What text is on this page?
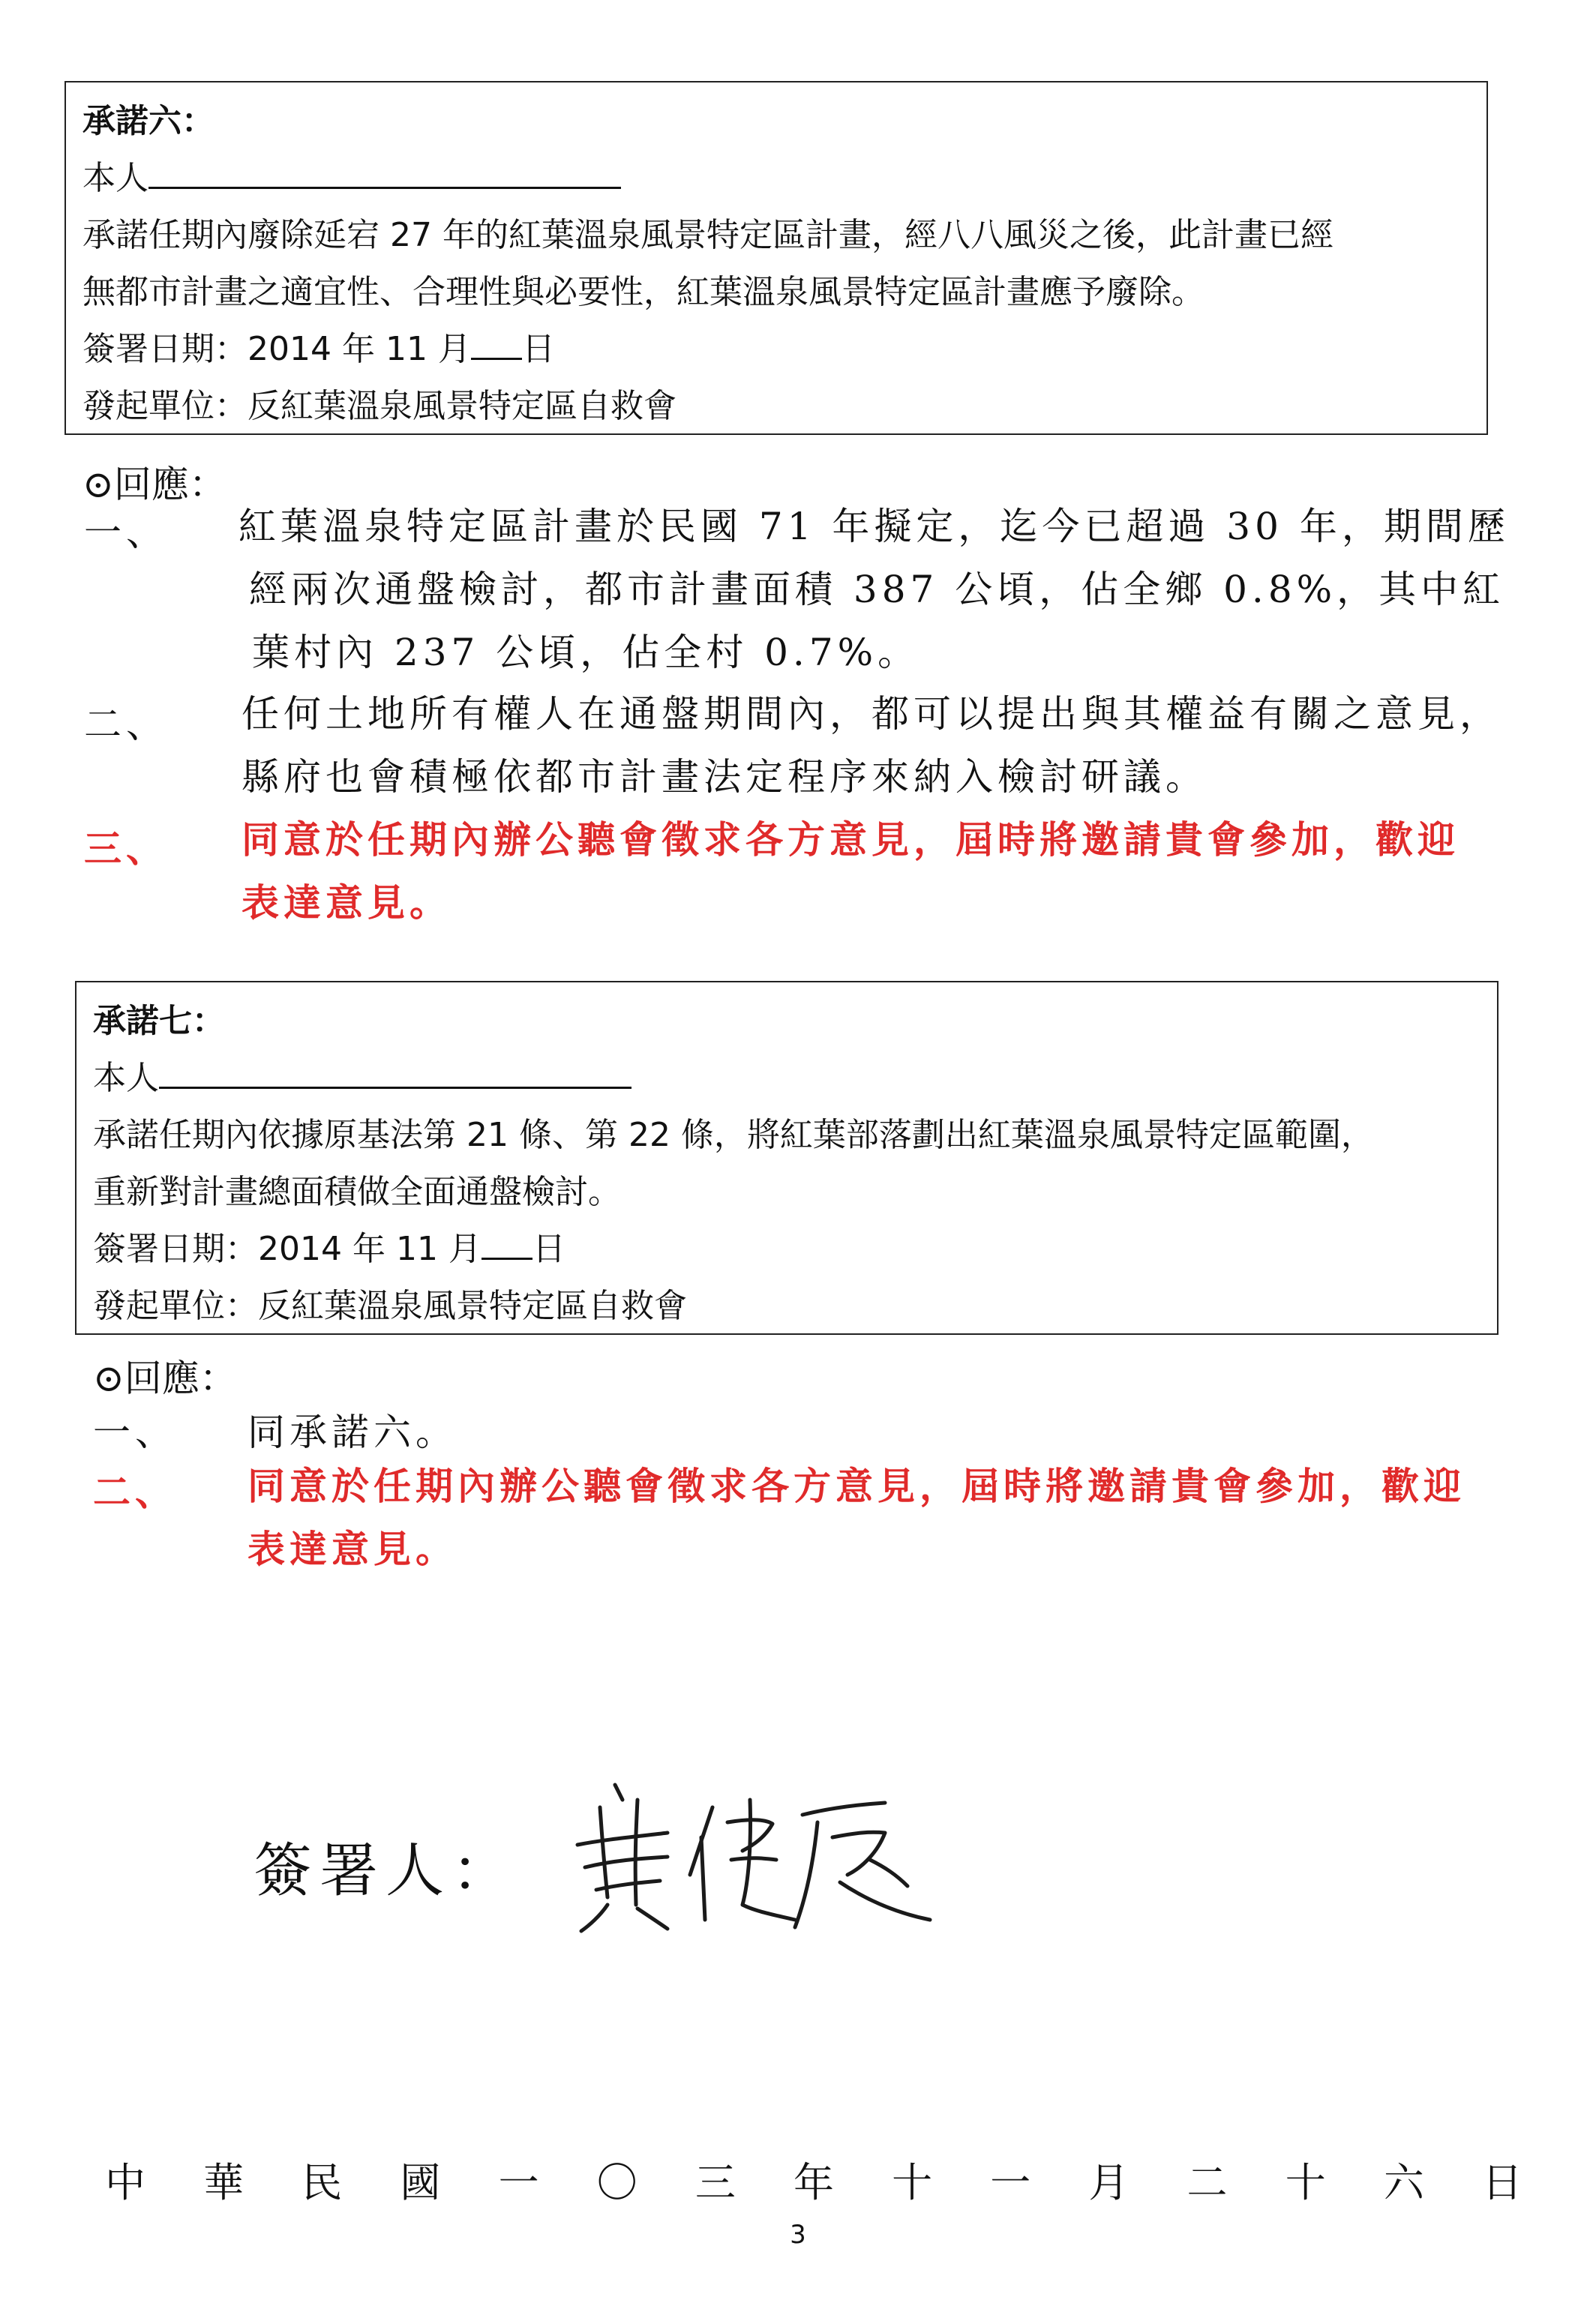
承諾六：
本人
承諾任期內廢除延宕 27 年的紅葉溫泉風景特定區計畫，經八八風災之後，此計畫已經
無都市計畫之適宜性、合理性與必要性，紅葉溫泉風景特定區計畫應予廢除。
簽署日期：2014 年 11 月 日
發起單位：反紅葉溫泉風景特定區自救會
⊙回應：
一、 紅葉溫泉特定區計畫於民國 71 年擬定，迄今已超過 30 年，期間歷
經兩次通盤檢討，都市計畫面積 387 公頃，佔全鄉 0.8%，其中紅
葉村內 237 公頃，佔全村 0.7%。
二、 任何土地所有權人在通盤期間內，都可以提出與其權益有關之意見，
縣府也會積極依都市計畫法定程序來納入檢討研議。
三、 同意於任期內辦公聽會徵求各方意見，屆時將邀請貴會參加，歡迎
表達意見。
承諾七：
本人
承諾任期內依據原基法第 21 條、第 22 條，將紅葉部落劃出紅葉溫泉風景特定區範圍，
重新對計畫總面積做全面通盤檢討。
簽署日期：2014 年 11 月 日
發起單位：反紅葉溫泉風景特定區自救會
⊙回應：
一、 同承諾六。
二、 同意於任期內辦公聽會徵求各方意見，屆時將邀請貴會參加，歡迎
表達意見。
簽署人：
中 華 民 國 一 〇 三 年 十 一 月 二 十 六 日
3
